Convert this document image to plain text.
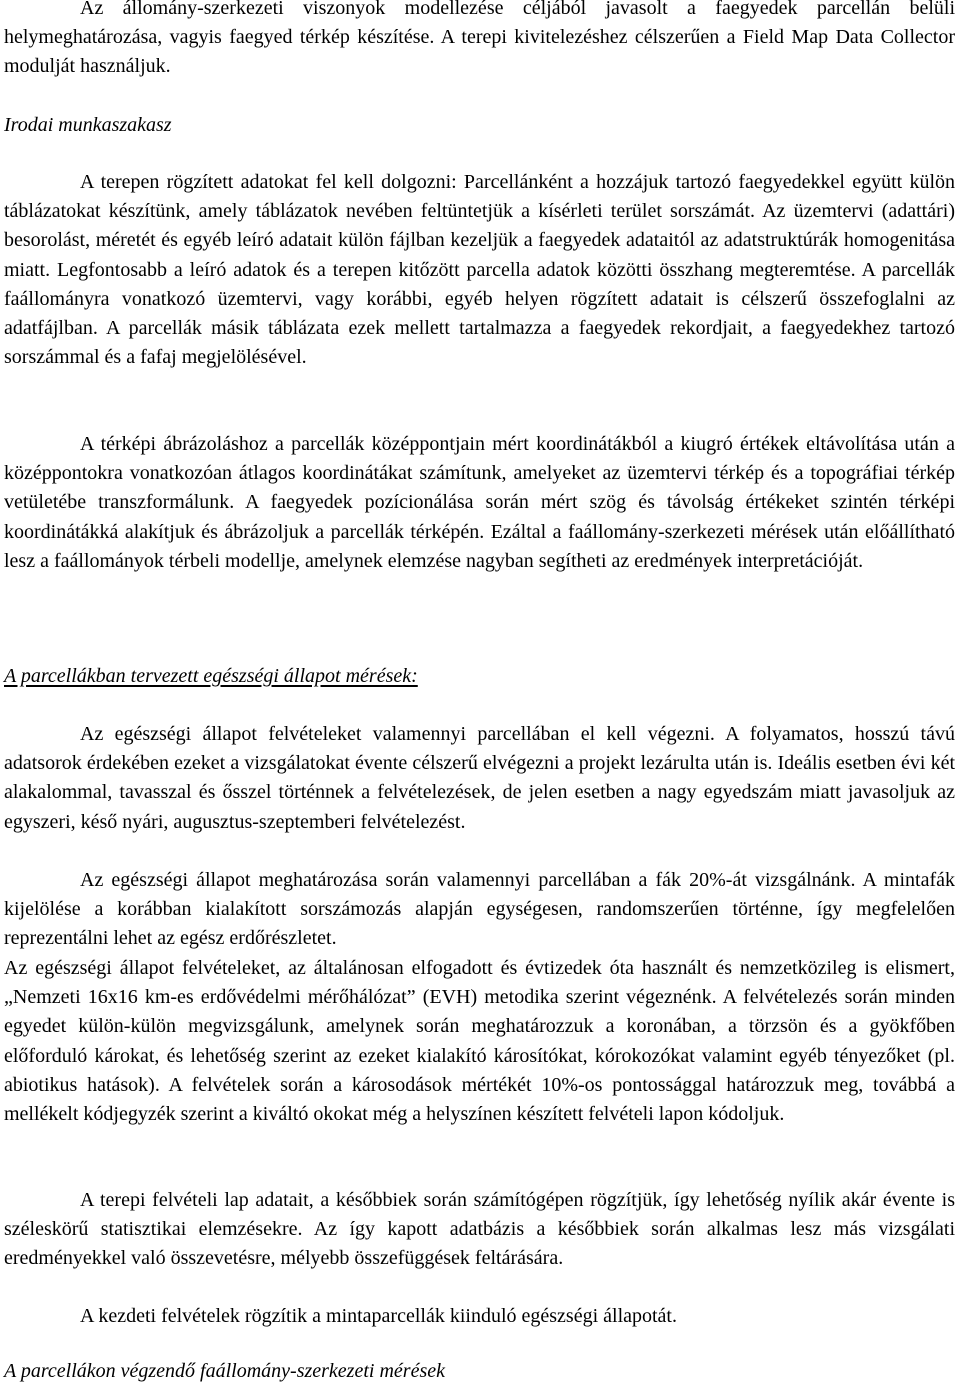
Az állomány-szerkezeti viszonyok modellezése céljából javasolt a faegyedek parcellán belüli helymeghatározása, vagyis faegyed térkép készítése. A terepi kivitelezéshez célszerűen a Field Map Data Collector modulját használjuk.

Irodai munkaszakasz

A terepen rögzített adatokat fel kell dolgozni: Parcellánként a hozzájuk tartozó faegyedekkel együtt külön táblázatokat készítünk, amely táblázatok nevében feltüntetjük a kísérleti terület sorszámát. Az üzemtervi (adattári) besorolást, méretét és egyéb leíró adatait külön fájlban kezeljük a faegyedek adataitól az adatstruktúrák homogenitása miatt. Legfontosabb a leíró adatok és a terepen kitőzött parcella adatok közötti összhang megteremtése. A parcellák faállományra vonatkozó üzemtervi, vagy korábbi, egyéb helyen rögzített adatait is célszerű összefoglalni az adatfájlban. A parcellák másik táblázata ezek mellett tartalmazza a faegyedek rekordjait, a faegyedekhez tartozó sorszámmal és a fafaj megjelölésével.

A térképi ábrázoláshoz a parcellák középpontjain mért koordinátákból a kiugró értékek eltávolítása után a középpontokra vonatkozóan átlagos koordinátákat számítunk, amelyeket az üzemtervi térkép és a topográfiai térkép vetületébe transzformálunk. A faegyedek pozícionálása során mért szög és távolság értékeket szintén térképi koordinátákká alakítjuk és ábrázoljuk a parcellák térképén. Ezáltal a faállomány-szerkezeti mérések után előállítható lesz a faállományok térbeli modellje, amelynek elemzése nagyban segítheti az eredmények interpretációját.

A parcellákban tervezett egészségi állapot mérések:

Az egészségi állapot felvételeket valamennyi parcellában el kell végezni. A folyamatos, hosszú távú adatsorok érdekében ezeket a vizsgálatokat évente célszerű elvégezni a projekt lezárulta után is. Ideális esetben évi két alakalommal, tavasszal és ősszel történnek a felvételezések, de jelen esetben a nagy egyedszám miatt javasoljuk az egyszeri, késő nyári, augusztus-szeptemberi felvételezést.

Az egészségi állapot meghatározása során valamennyi parcellában a fák 20%-át vizsgálnánk. A mintafák kijelölése a korábban kialakított sorszámozás alapján egységesen, randomszerűen történne, így megfelelően reprezentálni lehet az egész erdőrészletet.

Az egészségi állapot felvételeket, az általánosan elfogadott és évtizedek óta használt és nemzetközileg is elismert, „Nemzeti 16x16 km-es erdővédelmi mérőhálózat” (EVH) metodika szerint végeznénk. A felvételezés során minden egyedet külön-külön megvizsgálunk, amelynek során meghatározzuk a koronában, a törzsön és a gyökfőben előforduló károkat, és lehetőség szerint az ezeket kialakító károsítókat, kórokozókat valamint egyéb tényezőket (pl. abiotikus hatások). A felvételek során a károsodások mértékét 10%-os pontossággal határozzuk meg, továbbá a mellékelt kódjegyzék szerint a kiváltó okokat még a helyszínen készített felvételi lapon kódoljuk.

A terepi felvételi lap adatait, a későbbiek során számítógépen rögzítjük, így lehetőség nyílik akár évente is széleskörű statisztikai elemzésekre. Az így kapott adatbázis a későbbiek során alkalmas lesz más vizsgálati eredményekkel való összevetésre, mélyebb összefüggések feltárására.

A kezdeti felvételek rögzítik a mintaparcellák kiinduló egészségi állapotát.

A parcellákon végzendő faállomány-szerkezeti mérések
